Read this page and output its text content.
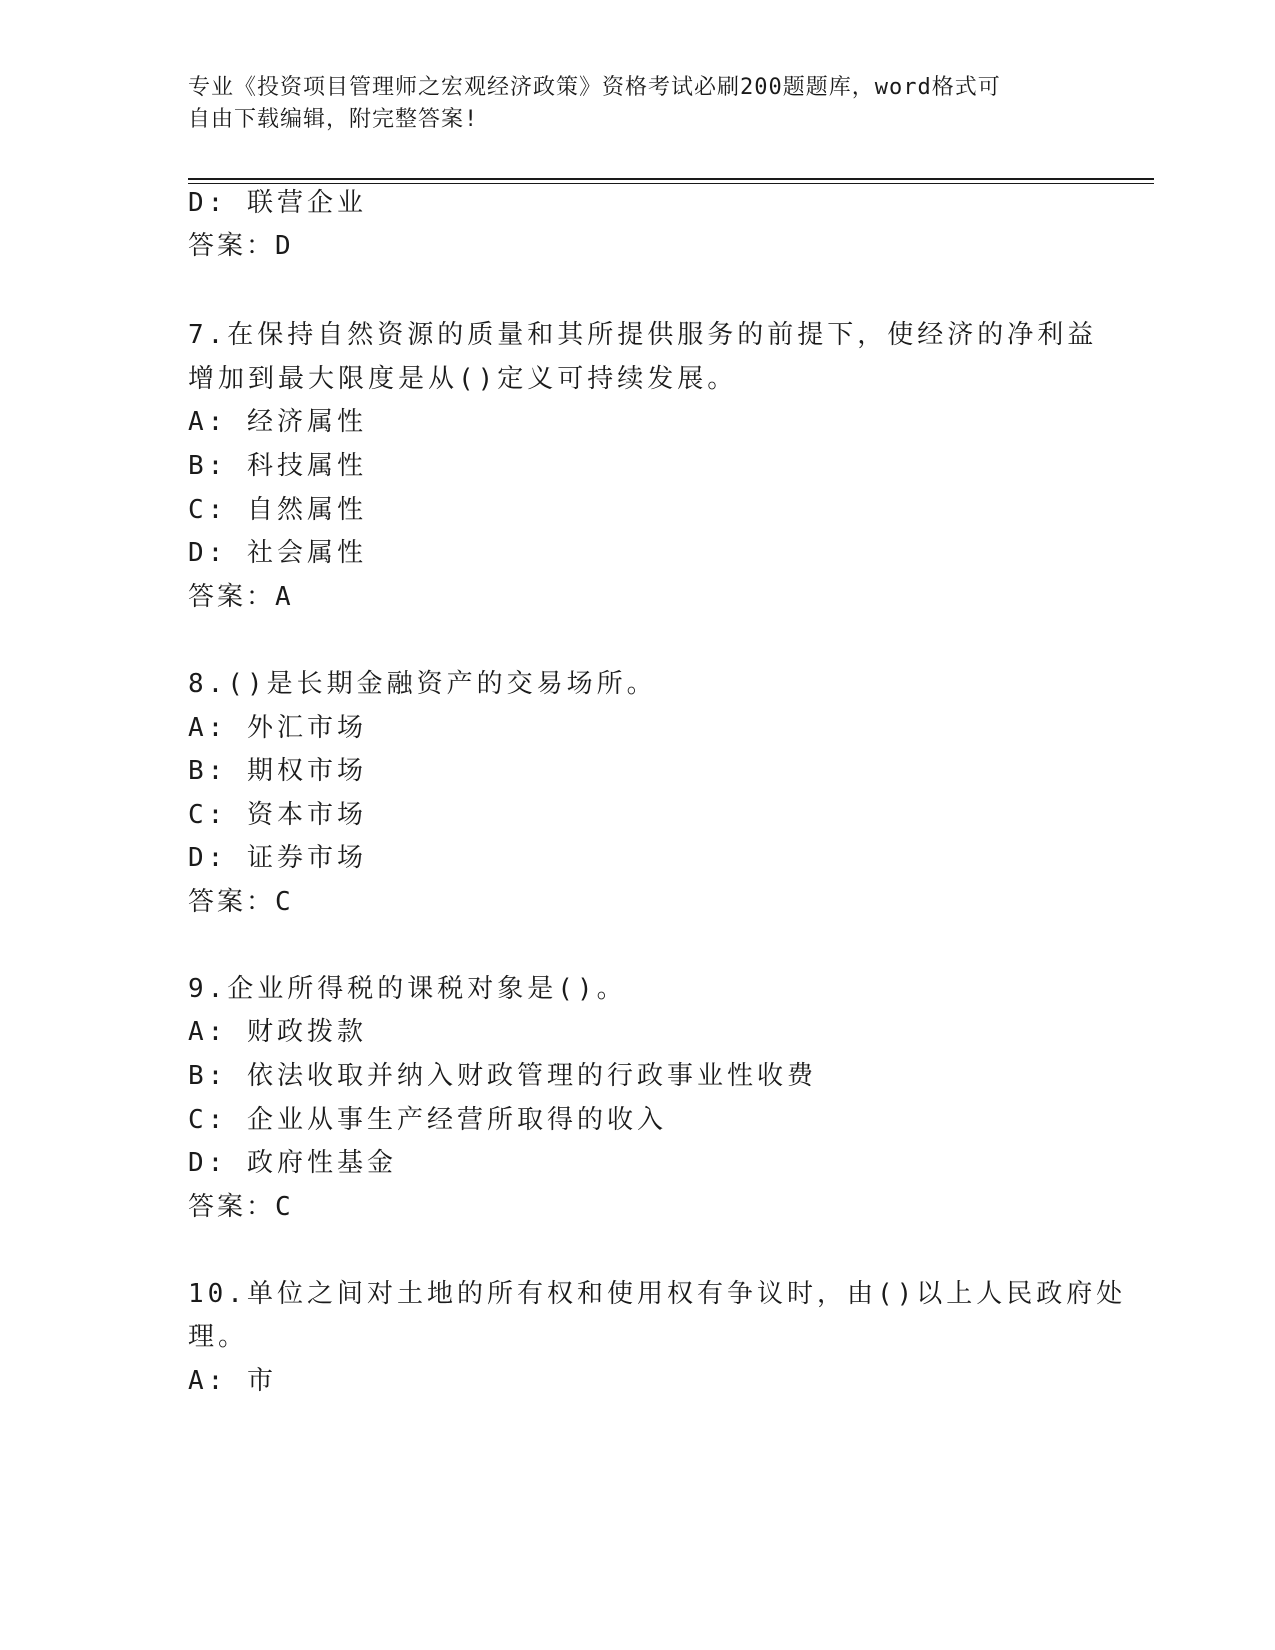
专业《投资项目管理师之宏观经济政策》资格考试必刷200题题库，word格式可
自由下载编辑，附完整答案!
D: 联营企业
答案：D
7.在保持自然资源的质量和其所提供服务的前提下，使经济的净利益
增加到最大限度是从()定义可持续发展。
A: 经济属性
B: 科技属性
C: 自然属性
D: 社会属性
答案：A
8.()是长期金融资产的交易场所。
A: 外汇市场
B: 期权市场
C: 资本市场
D: 证券市场
答案：C
9.企业所得税的课税对象是()。
A: 财政拨款
B: 依法收取并纳入财政管理的行政事业性收费
C: 企业从事生产经营所取得的收入
D: 政府性基金
答案：C
10.单位之间对土地的所有权和使用权有争议时，由()以上人民政府处
理。
A: 市
